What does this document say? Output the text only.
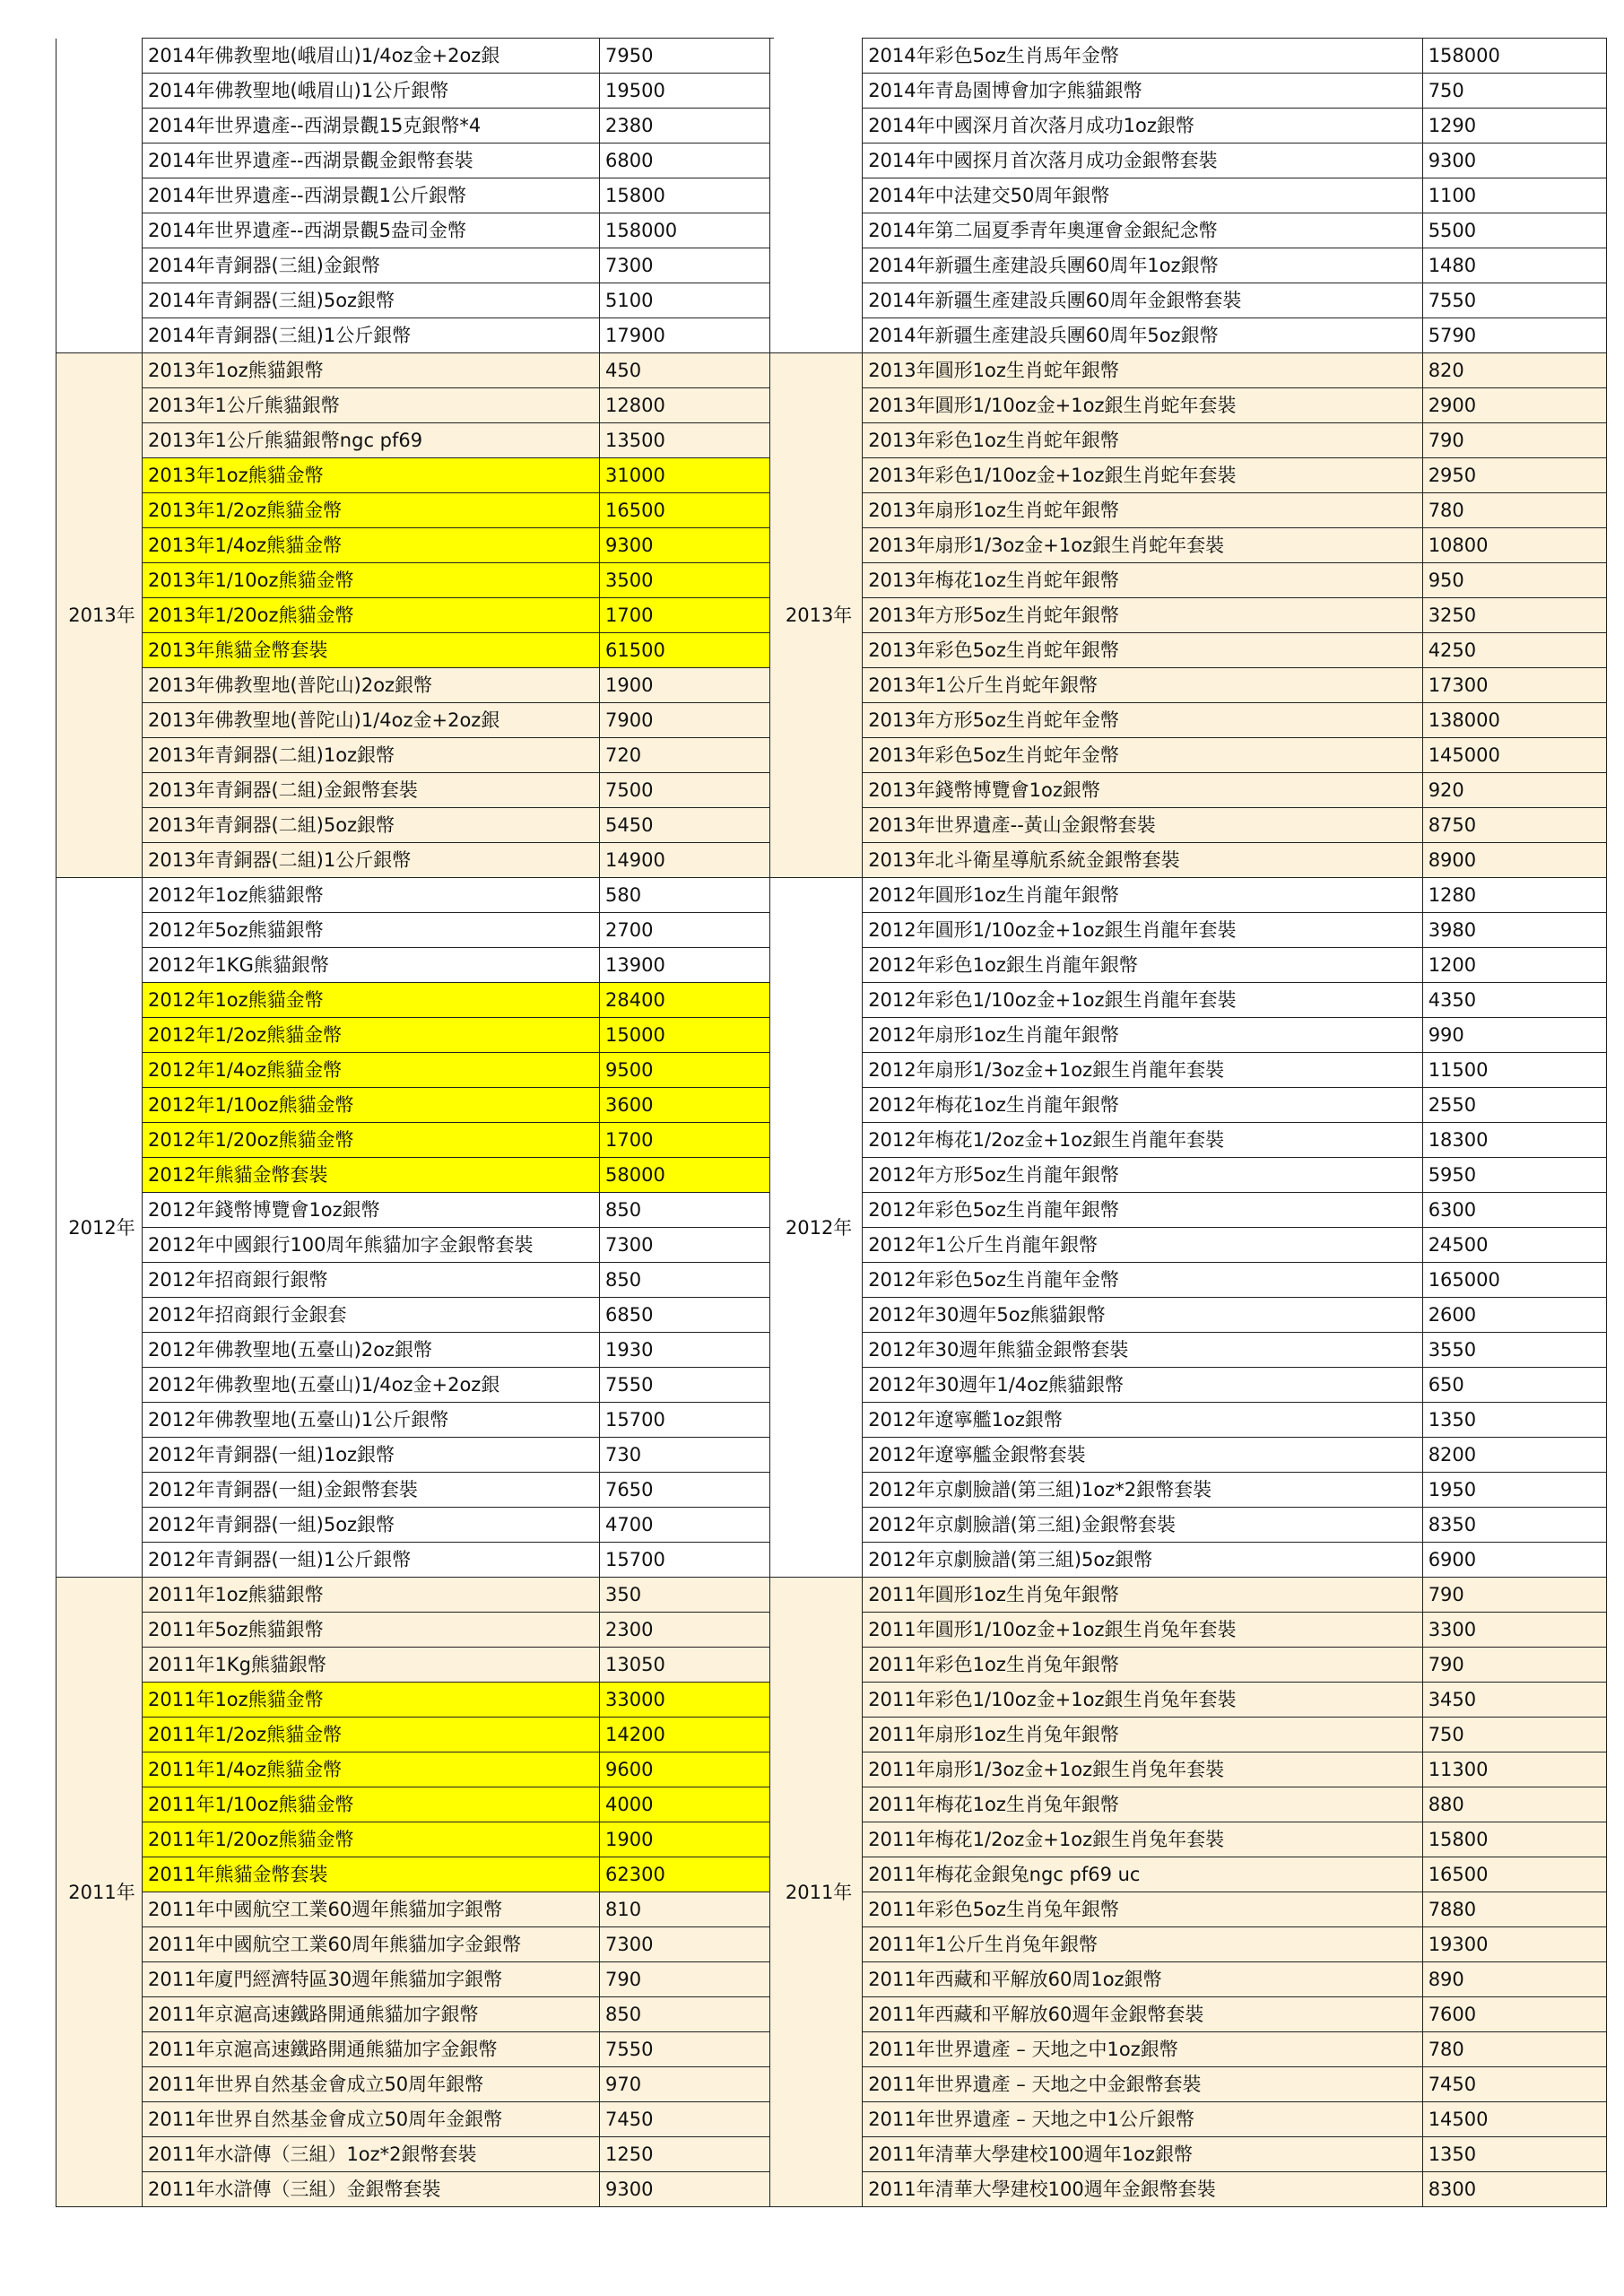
	2014年佛教聖地(峨眉山)1/4oz金+2oz銀	7950
	2014年佛教聖地(峨眉山)1公斤銀幣	19500
	2014年世界遺產--西湖景觀15克銀幣*4	2380
	2014年世界遺產--西湖景觀金銀幣套裝	6800
	2014年世界遺產--西湖景觀1公斤銀幣	15800
	2014年世界遺產--西湖景觀5盎司金幣	158000
	2014年青銅器(三組)金銀幣	7300
	2014年青銅器(三組)5oz銀幣	5100
	2014年青銅器(三組)1公斤銀幣	17900
2013年	2013年1oz熊貓銀幣	450
	2013年1公斤熊貓銀幣	12800
	2013年1公斤熊貓銀幣ngc pf69	13500
	2013年1oz熊貓金幣	31000
	2013年1/2oz熊貓金幣	16500
	2013年1/4oz熊貓金幣	9300
	2013年1/10oz熊貓金幣	3500
	2013年1/20oz熊貓金幣	1700
	2013年熊貓金幣套裝	61500
	2013年佛教聖地(普陀山)2oz銀幣	1900
	2013年佛教聖地(普陀山)1/4oz金+2oz銀	7900
	2013年青銅器(二組)1oz銀幣	720
	2013年青銅器(二組)金銀幣套裝	7500
	2013年青銅器(二組)5oz銀幣	5450
	2013年青銅器(二組)1公斤銀幣	14900
2012年	2012年1oz熊貓銀幣	580
	2012年5oz熊貓銀幣	2700
	2012年1KG熊貓銀幣	13900
	2012年1oz熊貓金幣	28400
	2012年1/2oz熊貓金幣	15000
	2012年1/4oz熊貓金幣	9500
	2012年1/10oz熊貓金幣	3600
	2012年1/20oz熊貓金幣	1700
	2012年熊貓金幣套裝	58000
	2012年錢幣博覽會1oz銀幣	850
	2012年中國銀行100周年熊貓加字金銀幣套裝	7300
	2012年招商銀行銀幣	850
	2012年招商銀行金銀套	6850
	2012年佛教聖地(五臺山)2oz銀幣	1930
	2012年佛教聖地(五臺山)1/4oz金+2oz銀	7550
	2012年佛教聖地(五臺山)1公斤銀幣	15700
	2012年青銅器(一組)1oz銀幣	730
	2012年青銅器(一組)金銀幣套裝	7650
	2012年青銅器(一組)5oz銀幣	4700
	2012年青銅器(一組)1公斤銀幣	15700
2011年	2011年1oz熊貓銀幣	350
	2011年5oz熊貓銀幣	2300
	2011年1Kg熊貓銀幣	13050
	2011年1oz熊貓金幣	33000
	2011年1/2oz熊貓金幣	14200
	2011年1/4oz熊貓金幣	9600
	2011年1/10oz熊貓金幣	4000
	2011年1/20oz熊貓金幣	1900
	2011年熊貓金幣套裝	62300
	2011年中國航空工業60週年熊貓加字銀幣	810
	2011年中國航空工業60周年熊貓加字金銀幣	7300
	2011年廈門經濟特區30週年熊貓加字銀幣	790
	2011年京滬高速鐵路開通熊貓加字銀幣	850
	2011年京滬高速鐵路開通熊貓加字金銀幣	7550
	2011年世界自然基金會成立50周年銀幣	970
	2011年世界自然基金會成立50周年金銀幣	7450
	2011年水滸傳（三組）1oz*2銀幣套裝	1250
	2011年水滸傳（三組）金銀幣套裝	9300
	2014年彩色5oz生肖馬年金幣	158000
	2014年青島園博會加字熊貓銀幣	750
	2014年中國深月首次落月成功1oz銀幣	1290
	2014年中國探月首次落月成功金銀幣套裝	9300
	2014年中法建交50周年銀幣	1100
	2014年第二屆夏季青年奧運會金銀紀念幣	5500
	2014年新疆生產建設兵團60周年1oz銀幣	1480
	2014年新疆生產建設兵團60周年金銀幣套裝	7550
	2014年新疆生產建設兵團60周年5oz銀幣	5790
2013年	2013年圓形1oz生肖蛇年銀幣	820
	2013年圓形1/10oz金+1oz銀生肖蛇年套裝	2900
	2013年彩色1oz生肖蛇年銀幣	790
	2013年彩色1/10oz金+1oz銀生肖蛇年套裝	2950
	2013年扇形1oz生肖蛇年銀幣	780
	2013年扇形1/3oz金+1oz銀生肖蛇年套裝	10800
	2013年梅花1oz生肖蛇年銀幣	950
	2013年方形5oz生肖蛇年銀幣	3250
	2013年彩色5oz生肖蛇年銀幣	4250
	2013年1公斤生肖蛇年銀幣	17300
	2013年方形5oz生肖蛇年金幣	138000
	2013年彩色5oz生肖蛇年金幣	145000
	2013年錢幣博覽會1oz銀幣	920
	2013年世界遺產--黃山金銀幣套裝	8750
	2013年北斗衛星導航系統金銀幣套裝	8900
2012年	2012年圓形1oz生肖龍年銀幣	1280
	2012年圓形1/10oz金+1oz銀生肖龍年套裝	3980
	2012年彩色1oz銀生肖龍年銀幣	1200
	2012年彩色1/10oz金+1oz銀生肖龍年套裝	4350
	2012年扇形1oz生肖龍年銀幣	990
	2012年扇形1/3oz金+1oz銀生肖龍年套裝	11500
	2012年梅花1oz生肖龍年銀幣	2550
	2012年梅花1/2oz金+1oz銀生肖龍年套裝	18300
	2012年方形5oz生肖龍年銀幣	5950
	2012年彩色5oz生肖龍年銀幣	6300
	2012年1公斤生肖龍年銀幣	24500
	2012年彩色5oz生肖龍年金幣	165000
	2012年30週年5oz熊貓銀幣	2600
	2012年30週年熊貓金銀幣套裝	3550
	2012年30週年1/4oz熊貓銀幣	650
	2012年遼寧艦1oz銀幣	1350
	2012年遼寧艦金銀幣套裝	8200
	2012年京劇臉譜(第三組)1oz*2銀幣套裝	1950
	2012年京劇臉譜(第三組)金銀幣套裝	8350
	2012年京劇臉譜(第三組)5oz銀幣	6900
2011年	2011年圓形1oz生肖兔年銀幣	790
	2011年圓形1/10oz金+1oz銀生肖兔年套裝	3300
	2011年彩色1oz生肖兔年銀幣	790
	2011年彩色1/10oz金+1oz銀生肖兔年套裝	3450
	2011年扇形1oz生肖兔年銀幣	750
	2011年扇形1/3oz金+1oz銀生肖兔年套裝	11300
	2011年梅花1oz生肖兔年銀幣	880
	2011年梅花1/2oz金+1oz銀生肖兔年套裝	15800
	2011年梅花金銀兔ngc pf69 uc	16500
	2011年彩色5oz生肖兔年銀幣	7880
	2011年1公斤生肖兔年銀幣	19300
	2011年西藏和平解放60周1oz銀幣	890
	2011年西藏和平解放60週年金銀幣套裝	7600
	2011年世界遺產 – 天地之中1oz銀幣	780
	2011年世界遺產 – 天地之中金銀幣套裝	7450
	2011年世界遺產 – 天地之中1公斤銀幣	14500
	2011年清華大學建校100週年1oz銀幣	1350
	2011年清華大學建校100週年金銀幣套裝	8300
